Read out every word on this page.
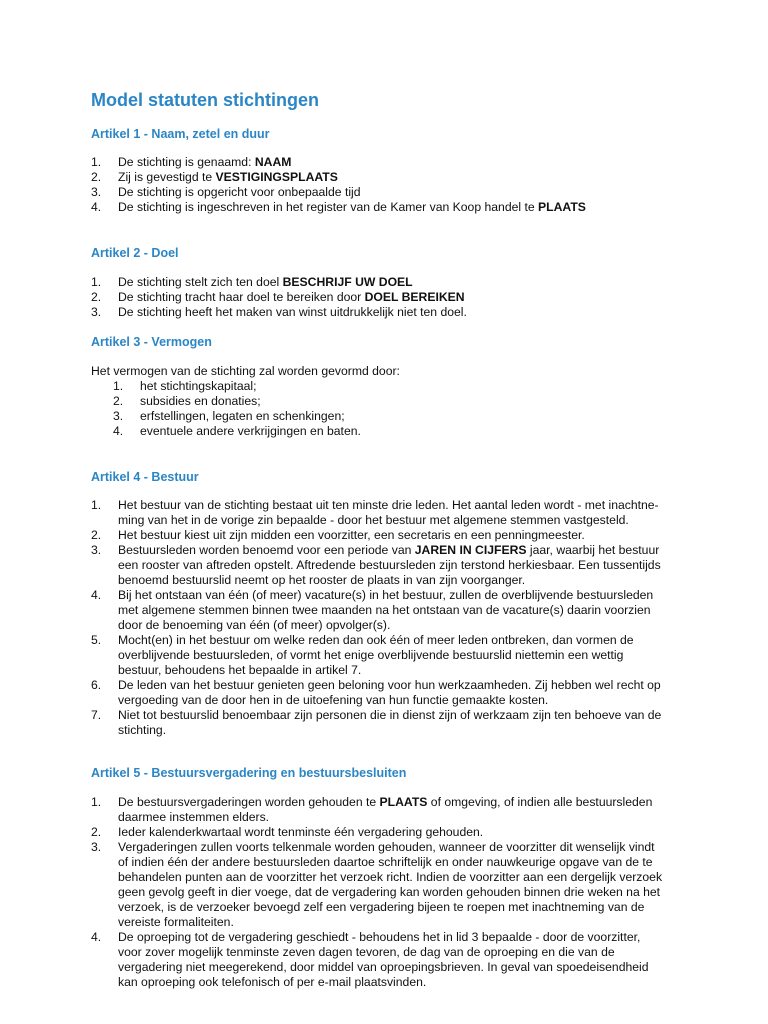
Model statuten stichtingen
Artikel 1 - Naam, zetel en duur
1. De stichting is genaamd: NAAM
2. Zij is gevestigd te VESTIGINGSPLAATS
3. De stichting is opgericht voor onbepaalde tijd
4. De stichting is ingeschreven in het register van de Kamer van Koop handel te PLAATS
Artikel 2 - Doel
1. De stichting stelt zich ten doel BESCHRIJF UW DOEL
2. De stichting tracht haar doel te bereiken door DOEL BEREIKEN
3. De stichting heeft het maken van winst uitdrukkelijk niet ten doel.
Artikel 3 - Vermogen

Het vermogen van de stichting zal worden gevormd door:

1. het stichtingskapitaal;
2. subsidies en donaties;
3. erfstellingen, legaten en schenkingen;
4. eventuele andere verkrijgingen en baten.
Artikel 4 - Bestuur
1. Het bestuur van de stichting bestaat uit ten minste drie leden. Het aantal leden wordt - met inachtne-
ming van het in de vorige zin bepaalde - door het bestuur met algemene stemmen vastgesteld.
2. Het bestuur kiest uit zijn midden een voorzitter, een secretaris en een penningmeester.
3. Bestuursleden worden benoemd voor een periode van JAREN IN CIJFERS jaar, waarbij het bestuur
een rooster van aftreden opstelt. Aftredende bestuursleden zijn terstond herkiesbaar. Een tussentijds
benoemd bestuurslid neemt op het rooster de plaats in van zijn voorganger.
4. Bij het ontstaan van één (of meer) vacature(s) in het bestuur, zullen de overblijvende bestuursleden
met algemene stemmen binnen twee maanden na het ontstaan van de vacature(s) daarin voorzien
door de benoeming van één (of meer) opvolger(s).
5. Mocht(en) in het bestuur om welke reden dan ook één of meer leden ontbreken, dan vormen de
overblijvende bestuursleden, of vormt het enige overblijvende bestuurslid niettemin een wettig
bestuur, behoudens het bepaalde in artikel 7.
6. De leden van het bestuur genieten geen beloning voor hun werkzaamheden. Zij hebben wel recht op
vergoeding van de door hen in de uitoefening van hun functie gemaakte kosten.
7. Niet tot bestuurslid benoembaar zijn personen die in dienst zijn of werkzaam zijn ten behoeve van de
stichting.
Artikel 5 - Bestuursvergadering en bestuursbesluiten
1. De bestuursvergaderingen worden gehouden te PLAATS of omgeving, of indien alle bestuursleden
daarmee instemmen elders.
2. Ieder kalenderkwartaal wordt tenminste één vergadering gehouden.
3. Vergaderingen zullen voorts telkenmale worden gehouden, wanneer de voorzitter dit wenselijk vindt
of indien één der andere bestuursleden daartoe schriftelijk en onder nauwkeurige opgave van de te
behandelen punten aan de voorzitter het verzoek richt. Indien de voorzitter aan een dergelijk verzoek
geen gevolg geeft in dier voege, dat de vergadering kan worden gehouden binnen drie weken na het
verzoek, is de verzoeker bevoegd zelf een vergadering bijeen te roepen met inachtneming van de
vereiste formaliteiten.
4. De oproeping tot de vergadering geschiedt - behoudens het in lid 3 bepaalde - door de voorzitter,
voor zover mogelijk tenminste zeven dagen tevoren, de dag van de oproeping en die van de
vergadering niet meegerekend, door middel van oproepingsbrieven. In geval van spoedeisendheid
kan oproeping ook telefonisch of per e-mail plaatsvinden.
